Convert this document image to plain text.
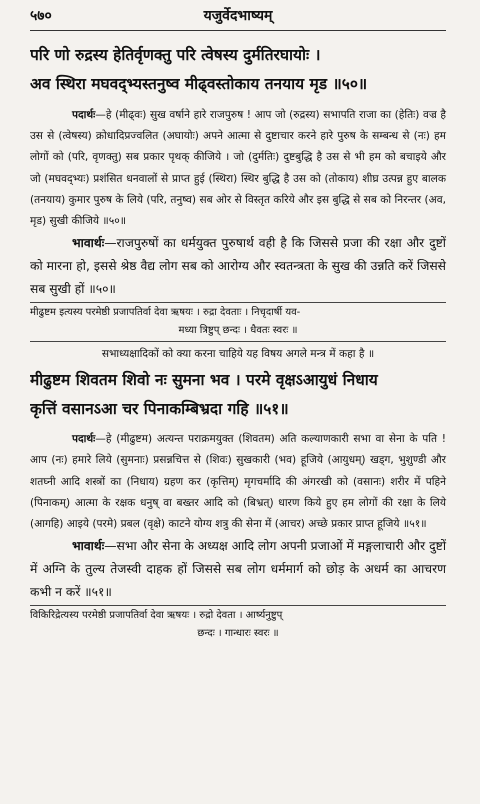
५७०	यजुर्वेदभाष्यम्

परि णो रुद्रस्य हेतिर्वृणक्तु परि त्वेषस्य दुर्मतिरघायोः ।

अव स्थिरा मघवद्भ्यस्तनुष्व मीढ्वस्तोकाय तनयाय मृड ॥५०॥

पदार्थः—हे (मीढ्वः) सुख वर्षाने हारे राजपुरुष ! आप जो (रुद्रस्य) सभापति राजा का (हेतिः) वज्र है उस से (त्वेषस्य) क्रोधादिप्रज्वलित (अघायोः) अपने आत्मा से दुष्टाचार करने हारे पुरुष के सम्बन्ध से (नः) हम लोगों को (परि, वृणक्तु) सब प्रकार पृथक् कीजिये । जो (दुर्मतिः) दुष्टबुद्धि है उस से भी हम को बचाइये और जो (मघवद्भ्यः) प्रशंसित धनवालों से प्राप्त हुई (स्थिरा) स्थिर बुद्धि है उस को (तोकाय) शीघ्र उत्पन्न हुए बालक (तनयाय) कुमार पुरुष के लिये (परि, तनुष्व) सब ओर से विस्तृत करिये और इस बुद्धि से सब को निरन्तर (अव, मृड) सुखी कीजिये ॥५०॥

भावार्थः—राजपुरुषों का धर्मयुक्त पुरुषार्थ वही है कि जिससे प्रजा की रक्षा और दुष्टों को मारना हो, इससे श्रेष्ठ वैद्य लोग सब को आरोग्य और स्वतन्त्रता के सुख की उन्नति करें जिससे सब सुखी हों ॥५०॥

मीढुष्टम इत्यस्य परमेष्ठी प्रजापतिर्वा देवा ऋषयः । रुद्रा देवताः । निचृदार्षी यव-

मध्या त्रिष्टुप् छन्दः । धैवतः स्वरः ॥

सभाध्यक्षादिकों को क्या करना चाहिये यह विषय अगले मन्त्र में कहा है ॥

मीढुष्टम शिवतम शिवो नः सुमना भव । परमे वृक्षऽआयुधं निधाय

कृत्तिं वसानऽआ चर पिनाकम्बिभ्रदा गहि ॥५१॥

पदार्थः—हे (मीढुष्टम) अत्यन्त पराक्रमयुक्त (शिवतम) अति कल्याणकारी सभा वा सेना के पति ! आप (नः) हमारे लिये (सुमनाः) प्रसन्नचित्त से (शिवः) सुखकारी (भव) हूजिये (आयुधम्) खड्ग, भुशुण्डी और शतघ्नी आदि शस्त्रों का (निधाय) ग्रहण कर (कृत्तिम्) मृगचर्मादि की अंगरखी को (वसानः) शरीर में पहिने (पिनाकम्) आत्मा के रक्षक धनुष् वा बख्तर आदि को (बिभ्रत्) धारण किये हुए हम लोगों की रक्षा के लिये (आगहि) आइये (परमे) प्रबल (वृक्षे) काटने योग्य शत्रु की सेना में (आचर) अच्छे प्रकार प्राप्त हूजिये ॥५१॥

भावार्थः—सभा और सेना के अध्यक्ष आदि लोग अपनी प्रजाओं में मङ्गलाचारी और दुष्टों में अग्नि के तुल्य तेजस्वी दाहक हों जिससे सब लोग धर्ममार्ग को छोड़ के अधर्म का आचरण कभी न करें ॥५१॥

विकिरिद्रेत्यस्य परमेष्ठी प्रजापतिर्वा देवा ऋषयः । रुद्रो देवता । आर्ष्यनुष्टुप्

छन्दः । गान्धारः स्वरः ॥
